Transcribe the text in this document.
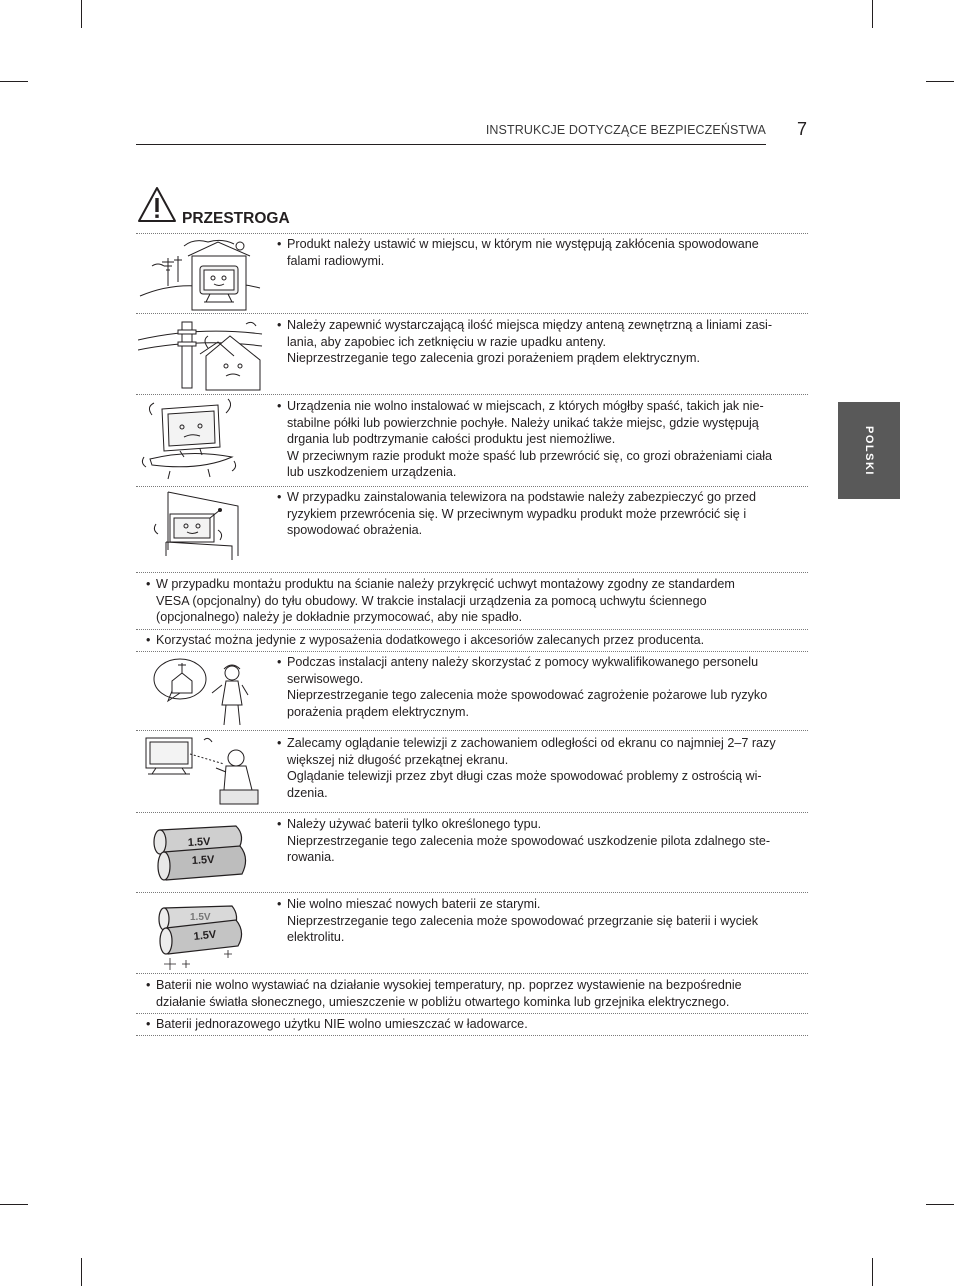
INSTRUKCJE DOTYCZĄCE BEZPIECZEŃSTWA 7
POLSKI
PRZESTROGA
1.5V
1.5V
1.5V
1.5V
• Produkt należy ustawić w miejscu, w którym nie występują zakłócenia spowodowane

falami radiowymi.

• Należy zapewnić wystarczającą ilość miejsca między anteną zewnętrzną a liniami zasi-

lania, aby zapobiec ich zetknięciu w razie upadku anteny.

Nieprzestrzeganie tego zalecenia grozi porażeniem prądem elektrycznym.

• Urządzenia nie wolno instalować w miejscach, z których mógłby spaść, takich jak nie-

stabilne półki lub powierzchnie pochyłe. Należy unikać także miejsc, gdzie występują

drgania lub podtrzymanie całości produktu jest niemożliwe.

W przeciwnym razie produkt może spaść lub przewrócić się, co grozi obrażeniami ciała

lub uszkodzeniem urządzenia.

• W przypadku zainstalowania telewizora na podstawie należy zabezpieczyć go przed

ryzykiem przewrócenia się. W przeciwnym wypadku produkt może przewrócić się i

spowodować obrażenia.

• W przypadku montażu produktu na ścianie należy przykręcić uchwyt montażowy zgodny ze standardem

VESA (opcjonalny) do tyłu obudowy. W trakcie instalacji urządzenia za pomocą uchwytu ściennego

(opcjonalnego) należy je dokładnie przymocować, aby nie spadło.

• Korzystać można jedynie z wyposażenia dodatkowego i akcesoriów zalecanych przez producenta.

• Podczas instalacji anteny należy skorzystać z pomocy wykwalifikowanego personelu

serwisowego.

Nieprzestrzeganie tego zalecenia może spowodować zagrożenie pożarowe lub ryzyko

porażenia prądem elektrycznym.

• Zalecamy oglądanie telewizji z zachowaniem odległości od ekranu co najmniej 2–7 razy

większej niż długość przekątnej ekranu.

Oglądanie telewizji przez zbyt długi czas może spowodować problemy z ostrością wi-

dzenia.

• Należy używać baterii tylko określonego typu.

Nieprzestrzeganie tego zalecenia może spowodować uszkodzenie pilota zdalnego ste-

rowania.

• Nie wolno mieszać nowych baterii ze starymi.

Nieprzestrzeganie tego zalecenia może spowodować przegrzanie się baterii i wyciek

elektrolitu.

• Baterii nie wolno wystawiać na działanie wysokiej temperatury, np. poprzez wystawienie na bezpośrednie

działanie światła słonecznego, umieszczenie w pobliżu otwartego kominka lub grzejnika elektrycznego.

• Baterii jednorazowego użytku NIE wolno umieszczać w ładowarce.
